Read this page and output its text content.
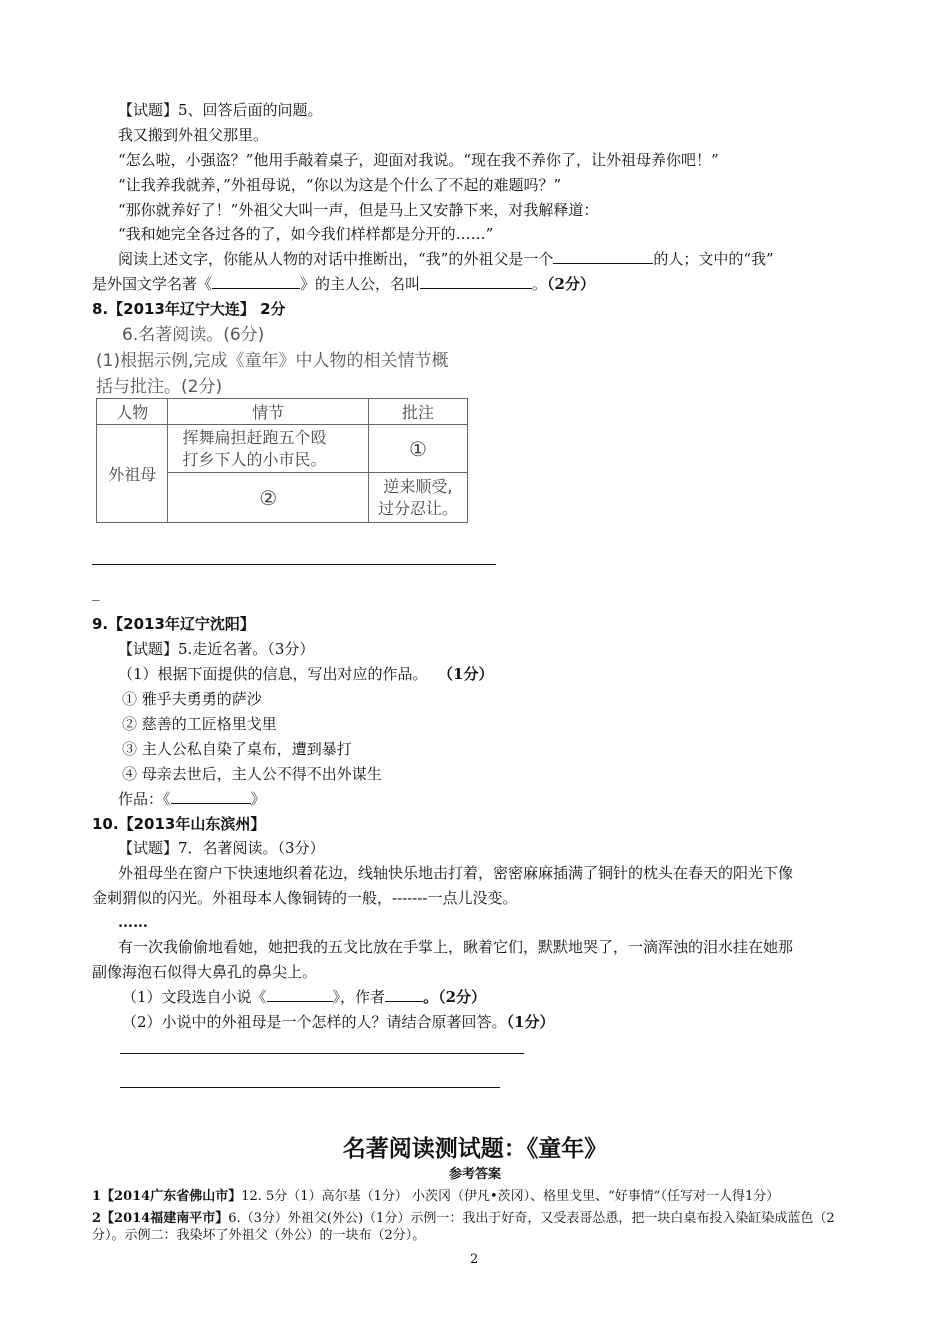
【试题】5、回答后面的问题。
我又搬到外祖父那里。
“怎么啦，小强盗？”他用手敲着桌子，迎面对我说。“现在我不养你了，让外祖母养你吧！”
“让我养我就养，”外祖母说，“你以为这是个什么了不起的难题吗？”
“那你就养好了！”外祖父大叫一声，但是马上又安静下来，对我解释道：
“我和她完全各过各的了，如今我们样样都是分开的……”
阅读上述文字，你能从人物的对话中推断出，“我”的外祖父是一个	的人；文中的“我”
是外国文学名著《	》的主人公，名叫	。（2分）
8.【2013年辽宁大连】 2分
6.名著阅读。(6分)
(1)根据示例,完成《童年》中人物的相关情节概
括与批注。(2分)
人物	情节	批注
外祖母	挥舞扁担赶跑五个殴
打乡下人的小市民。	①
	②	逆来顺受,
过分忍让。
_
9.【2013年辽宁沈阳】
【试题】5.走近名著。（3分）
（1）根据下面提供的信息，写出对应的作品。 （1分）
① 雅乎夫勇勇的萨沙
② 慈善的工匠格里戈里
③ 主人公私自染了桌布，遭到暴打
④ 母亲去世后，主人公不得不出外谋生
作品：《	》
10.【2013年山东滨州】
【试题】7．名著阅读。（3分）
外祖母坐在窗户下快速地织着花边，线轴快乐地击打着，密密麻麻插满了铜针的枕头在春天的阳光下像
金刺猬似的闪光。外祖母本人像铜铸的一般，-------一点儿没变。
……
有一次我偷偷地看她，她把我的五戈比放在手掌上，瞅着它们，默默地哭了，一滴浑浊的泪水挂在她那
副像海泡石似得大鼻孔的鼻尖上。
（1）文段选自小说《	》，作者	。（2分）
（2）小说中的外祖母是一个怎样的人？请结合原著回答。（1分）
名著阅读测试题：《童年》
参考答案
1【2014广东省佛山市】12. 5分（1）高尔基（1分） 小茨冈（伊凡•茨冈）、格里戈里、“好事情”（任写对一人得1分）
2【2014福建南平市】6.（3分）外祖父(外公)（1分）示例一：我出于好奇，又受表哥怂恿，把一块白桌布投入染缸染成蓝色（2
分）。示例二：我染坏了外祖父（外公）的一块布（2分）。
2
